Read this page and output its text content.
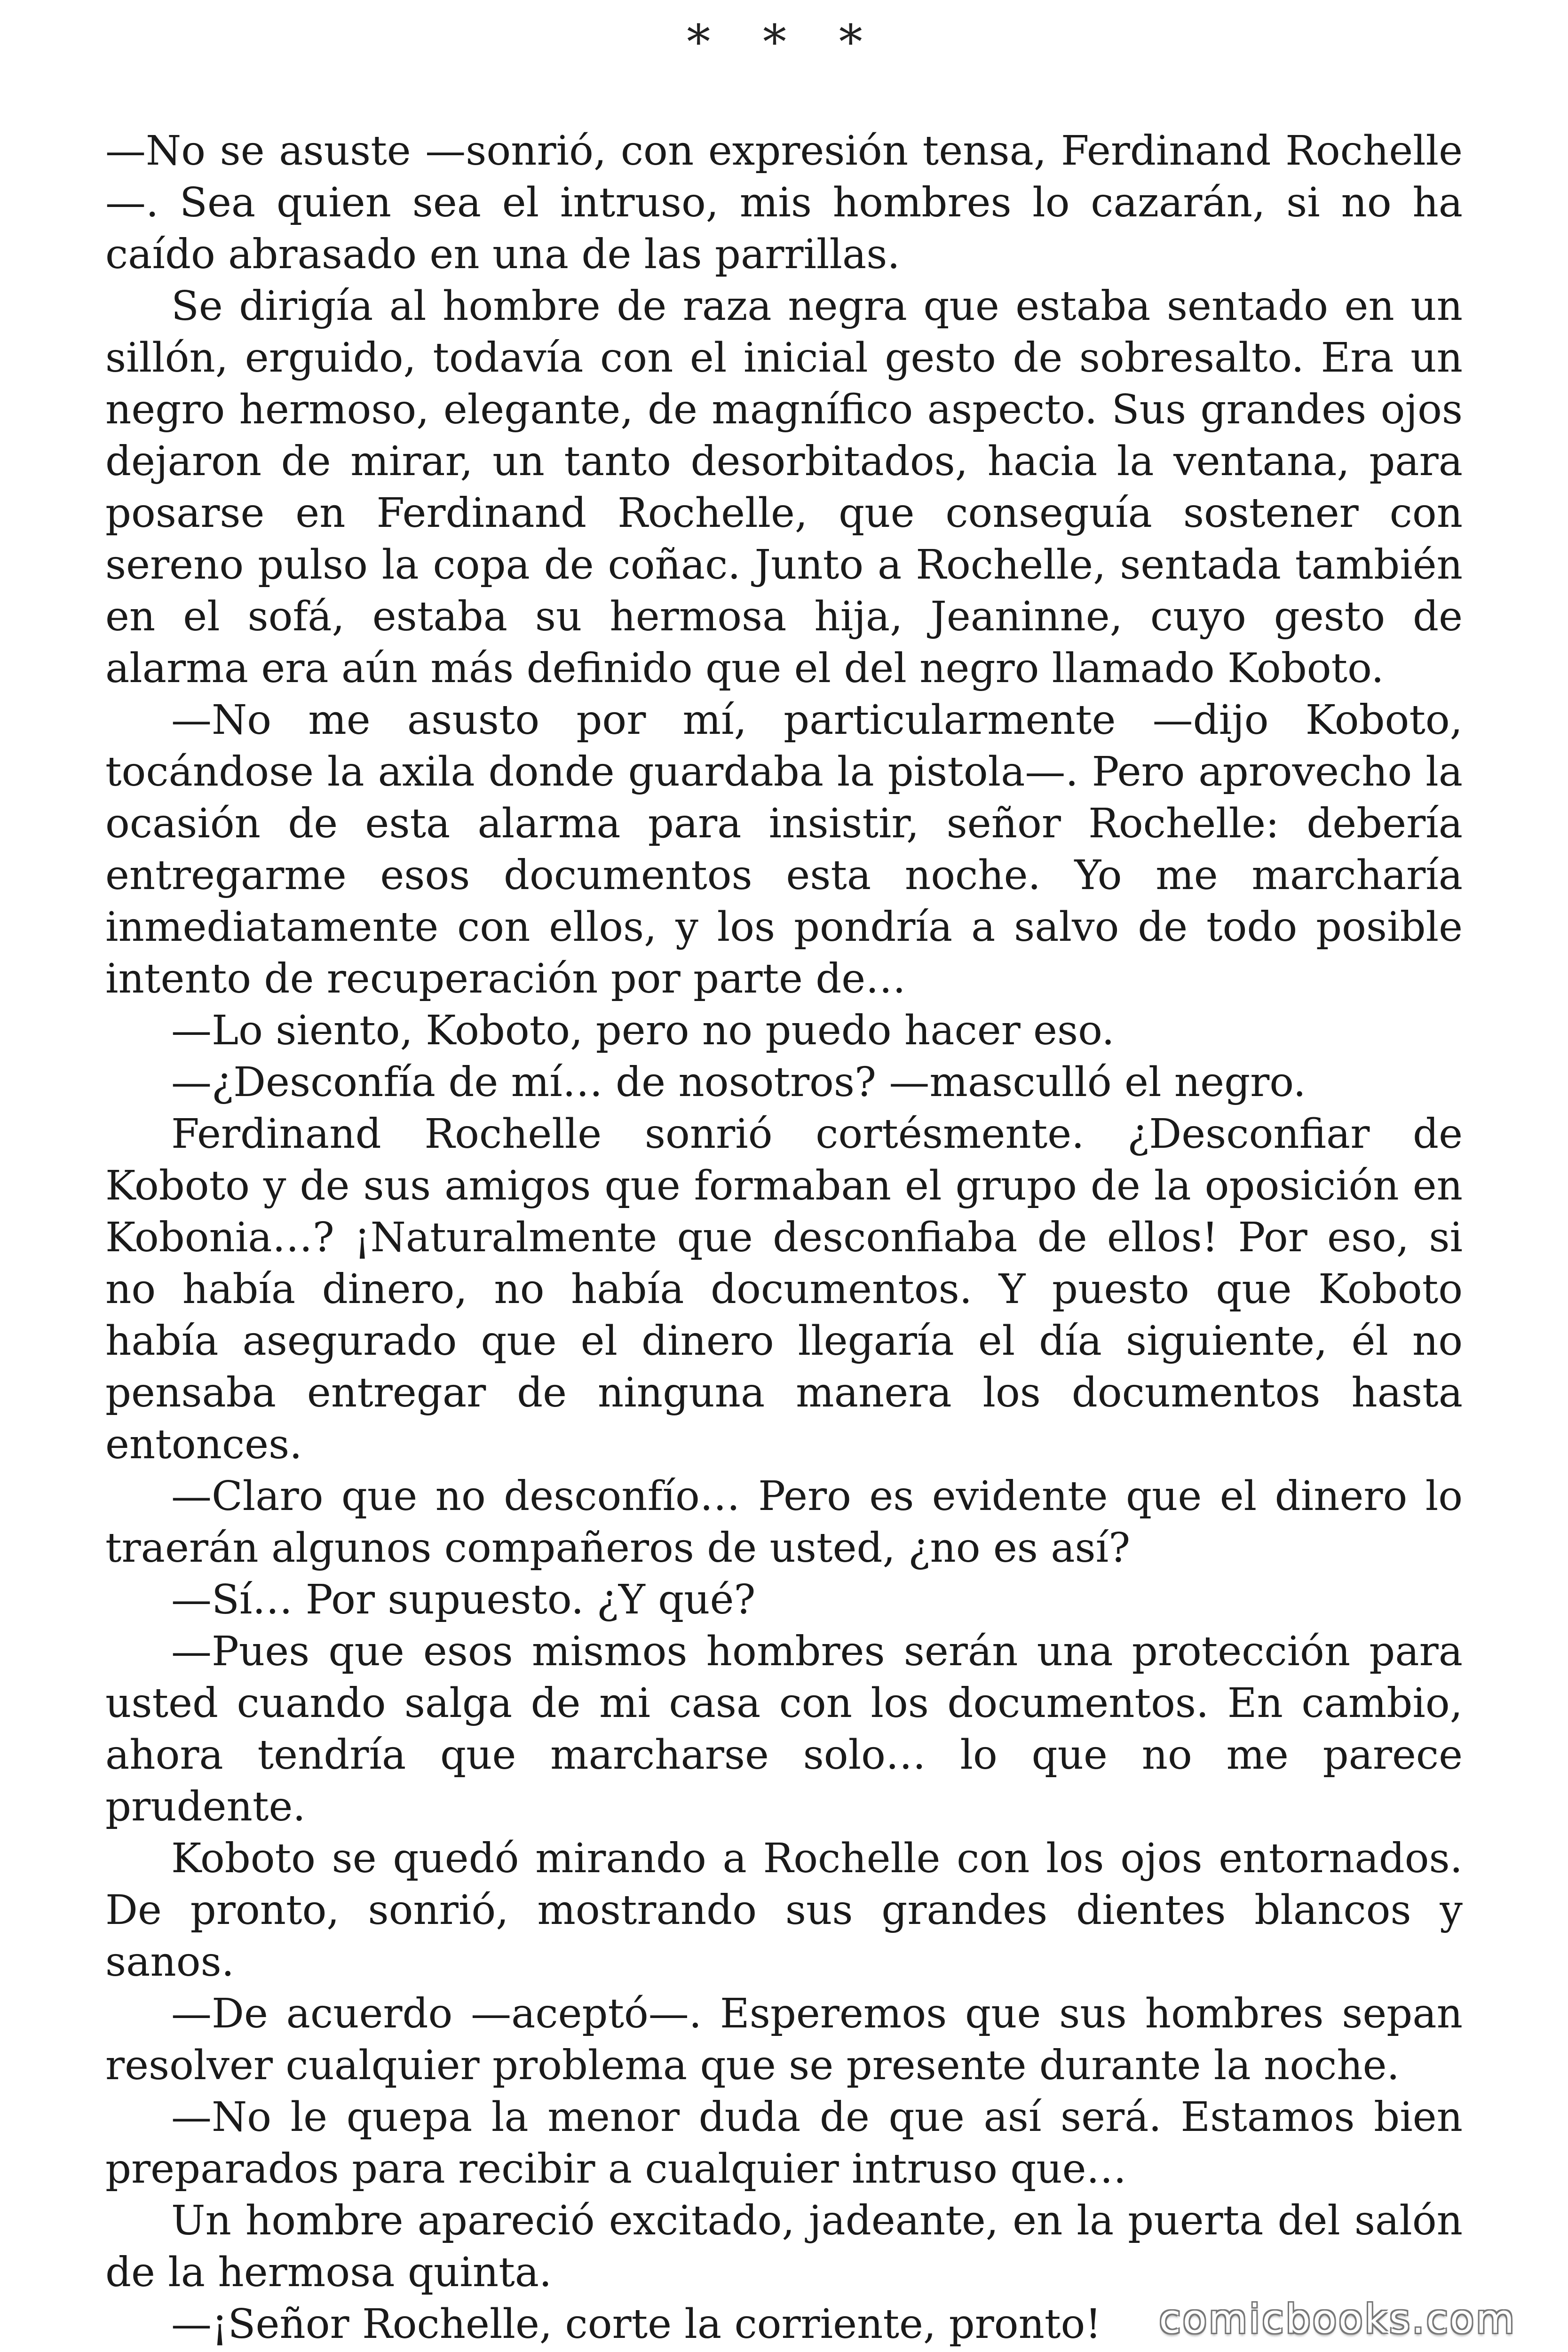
* * *

—No se asuste —sonrió, con expresión tensa, Ferdinand Rochelle—. Sea quien sea el intruso, mis hombres lo cazarán, si no ha caído abrasado en una de las parrillas.

Se dirigía al hombre de raza negra que estaba sentado en un sillón, erguido, todavía con el inicial gesto de sobresalto. Era un negro hermoso, elegante, de magnífico aspecto. Sus grandes ojos dejaron de mirar, un tanto desorbitados, hacia la ventana, para posarse en Ferdinand Rochelle, que conseguía sostener con sereno pulso la copa de coñac. Junto a Rochelle, sentada también en el sofá, estaba su hermosa hija, Jeaninne, cuyo gesto de alarma era aún más definido que el del negro llamado Koboto.

—No me asusto por mí, particularmente —dijo Koboto, tocándose la axila donde guardaba la pistola—. Pero aprovecho la ocasión de esta alarma para insistir, señor Rochelle: debería entregarme esos documentos esta noche. Yo me marcharía inmediatamente con ellos, y los pondría a salvo de todo posible intento de recuperación por parte de…

—Lo siento, Koboto, pero no puedo hacer eso.

—¿Desconfía de mí… de nosotros? —masculló el negro.

Ferdinand Rochelle sonrió cortésmente. ¿Desconfiar de Koboto y de sus amigos que formaban el grupo de la oposición en Kobonia…? ¡Naturalmente que desconfiaba de ellos! Por eso, si no había dinero, no había documentos. Y puesto que Koboto había asegurado que el dinero llegaría el día siguiente, él no pensaba entregar de ninguna manera los documentos hasta entonces.

—Claro que no desconfío… Pero es evidente que el dinero lo traerán algunos compañeros de usted, ¿no es así?

—Sí… Por supuesto. ¿Y qué?

—Pues que esos mismos hombres serán una protección para usted cuando salga de mi casa con los documentos. En cambio, ahora tendría que marcharse solo… lo que no me parece prudente.

Koboto se quedó mirando a Rochelle con los ojos entornados. De pronto, sonrió, mostrando sus grandes dientes blancos y sanos.

—De acuerdo —aceptó—. Esperemos que sus hombres sepan resolver cualquier problema que se presente durante la noche.

—No le quepa la menor duda de que así será. Estamos bien preparados para recibir a cualquier intruso que…

Un hombre apareció excitado, jadeante, en la puerta del salón de la hermosa quinta.

—¡Señor Rochelle, corte la corriente, pronto!	comicbooks.com
